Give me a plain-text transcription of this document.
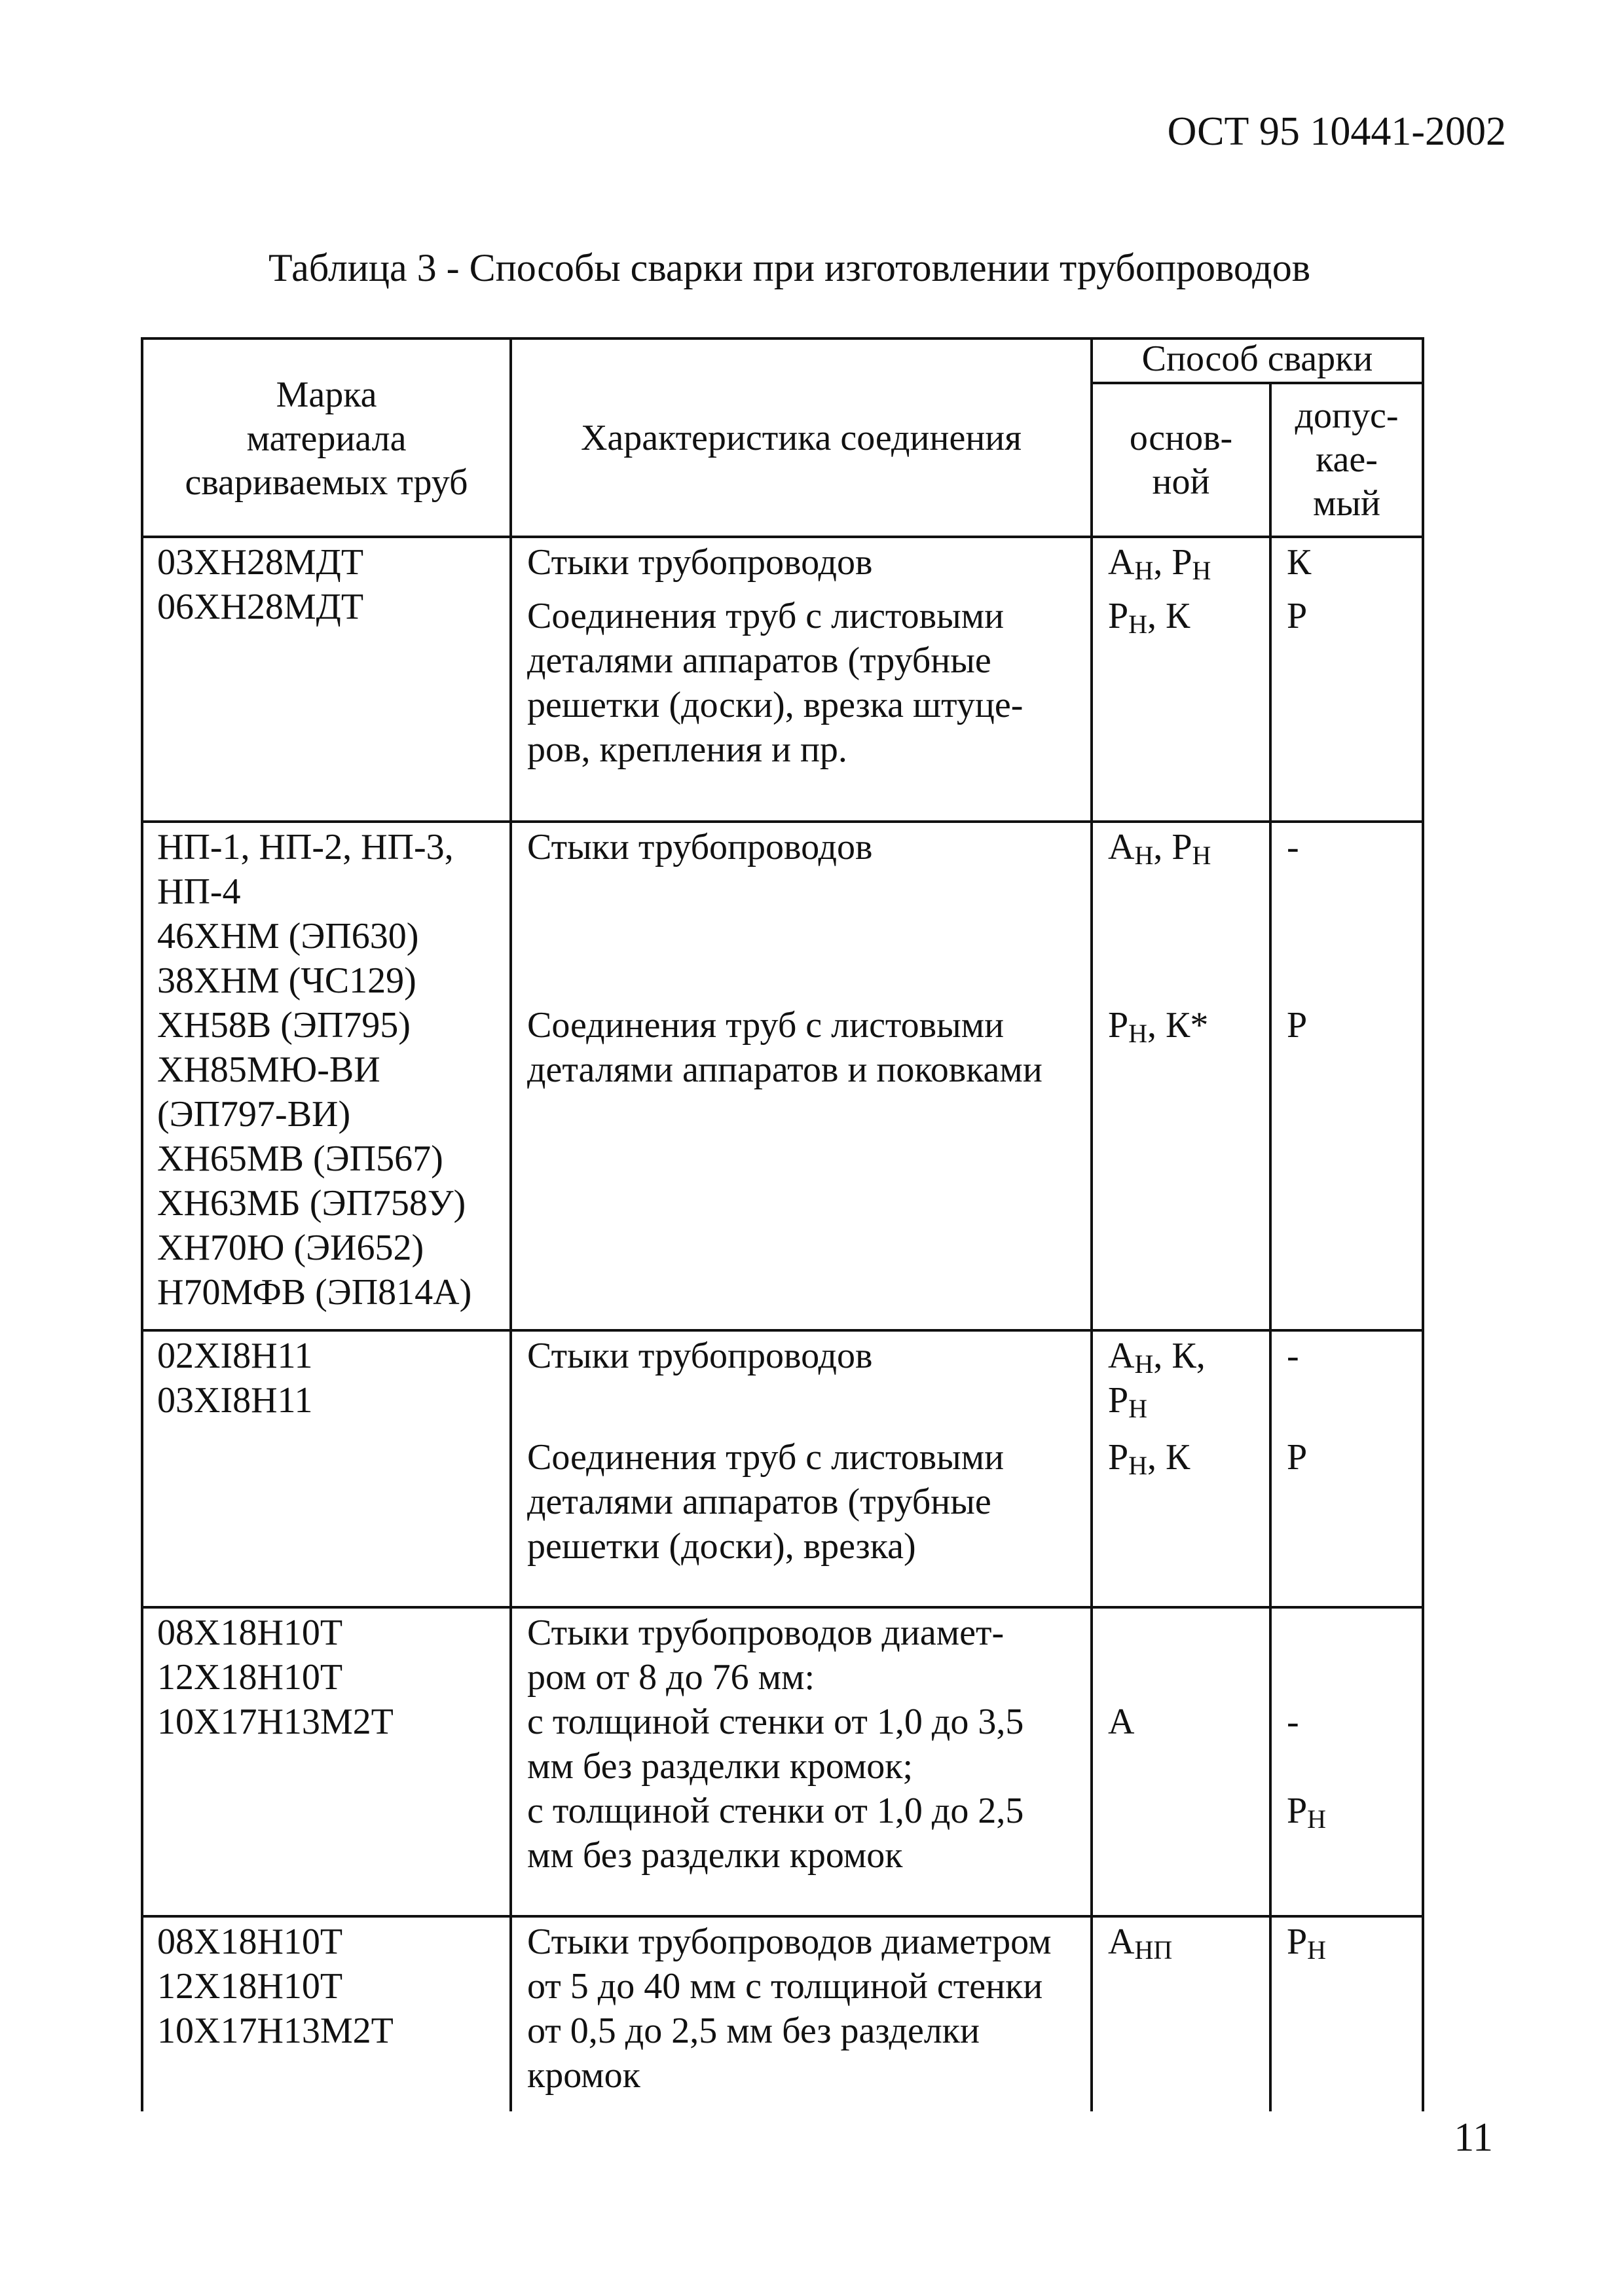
ОСТ 95 10441-2002
Таблица 3 - Способы сварки при изготовлении трубопроводов

Марка

материала

свариваемых труб

Характеристика соединения
Способ сварки

основ-

ной

допус-

кае-

мый

03ХН28МДТ

06ХН28МДТ

Стыки трубопроводов

Соединения труб с листовыми
деталями аппаратов (трубные
решетки (доски), врезка штуце-
ров, крепления и пр.

$А_Н$, $Р_Н$

$Р_Н$, К

К

Р

НП-1, НП-2, НП-3,

НП-4

46ХНМ (ЭП630)

38ХНМ (ЧС129)

ХН58В (ЭП795)

ХН85МЮ-ВИ

(ЭП797-ВИ)

ХН65МВ (ЭП567)

ХН63МБ (ЭП758У)

ХН70Ю (ЭИ652)

Н70МФВ (ЭП814А)

Стыки трубопроводов

Соединения труб с листовыми
деталями аппаратов и поковками

$А_Н$, $Р_Н$

$Р_Н$, К*

-

Р

02XI8H11

03XI8H11

Стыки трубопроводов

Соединения труб с листовыми
деталями аппаратов (трубные
решетки (доски), врезка)

$А_Н$, К,
$Р_Н$

$Р_Н$, К

-

Р

08Х18Н10Т

12Х18Н10Т

10Х17Н13М2Т

Стыки трубопроводов диамет-
ром от 8 до 76 мм:

с толщиной стенки от 1,0 до 3,5
мм без разделки кромок;

с толщиной стенки от 1,0 до 2,5
мм без разделки кромок

А	-

$Р_Н$

08Х18Н10Т

12Х18Н10Т

10Х17Н13М2Т

Стыки трубопроводов диаметром
от 5 до 40 мм с толщиной стенки
от 0,5 до 2,5 мм без разделки
кромок

$А_{НП}$	$Р_Н$

11
